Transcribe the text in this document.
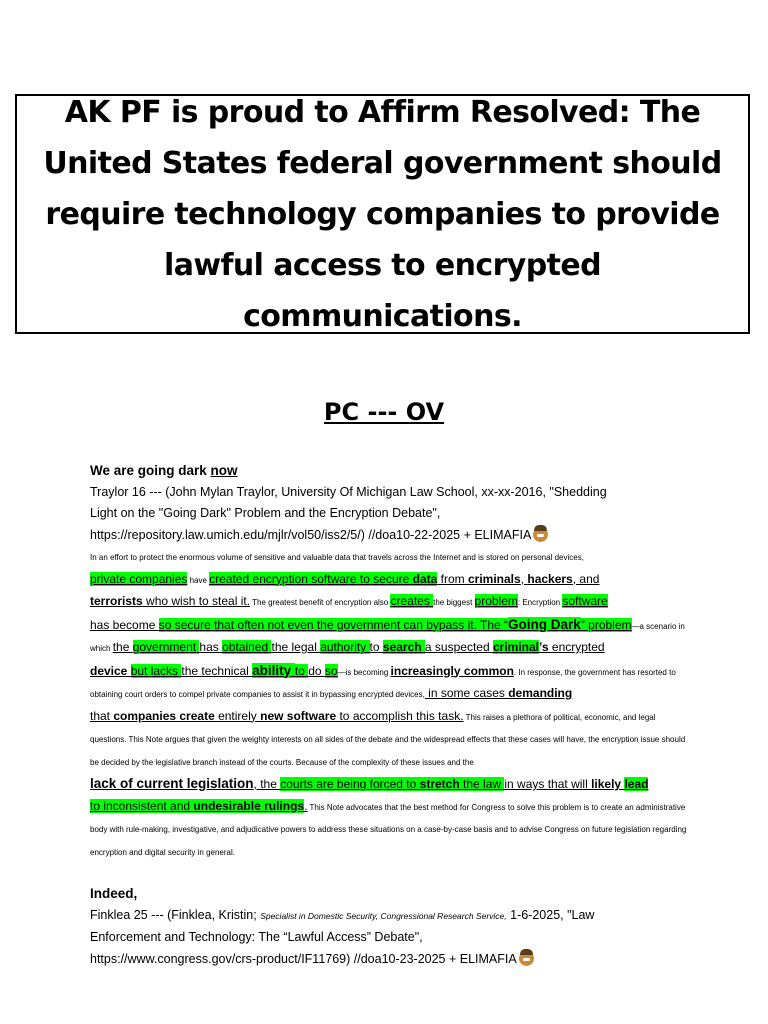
AK PF is proud to Affirm Resolved: The
United States federal government should
require technology companies to provide
lawful access to encrypted communications.

PC --- OV

We are going dark now

Traylor 16 --- (John Mylan Traylor, University Of Michigan Law School, xx-xx-2016, "Shedding

Light on the "Going Dark" Problem and the Encryption Debate",

https://repository.law.umich.edu/mjlr/vol50/iss2/5/) //doa10-22-2025 + ELIMAFIA

In an effort to protect the enormous volume of sensitive and valuable data that travels across the Internet and is stored on personal devices,
private companies have created encryption software to secure data from criminals, hackers, and
terrorists who wish to steal it. The greatest benefit of encryption also creates the biggest problem: Encryption software
has become so secure that often not even the government can bypass it. The “Going Dark” problem—a scenario in which the government has obtained the legal authority to search a suspected criminal’s encrypted
device but lacks the technical ability to do so—is becoming increasingly common. In response, the government has resorted to obtaining court orders to compel private companies to assist it in bypassing encrypted devices, in some cases demanding
that companies create entirely new software to accomplish this task. This raises a plethora of political, economic, and legal questions. This Note argues that given the weighty interests on all sides of the debate and the widespread effects that these cases will have, the encryption issue should be decided by the legislative branch instead of the courts. Because of the complexity of these issues and the
lack of current legislation, the courts are being forced to stretch the law in ways that will likely lead
to inconsistent and undesirable rulings. This Note advocates that the best method for Congress to solve this problem is to create an administrative body with rule-making, investigative, and adjudicative powers to address these situations on a case-by-case basis and to advise Congress on future legislation regarding encryption and digital security in general.

Indeed,

Finklea 25 --- (Finklea, Kristin; Specialist in Domestic Security, Congressional Research Service, 1-6-2025, "Law

Enforcement and Technology: The “Lawful Access” Debate",

https://www.congress.gov/crs-product/IF11769) //doa10-23-2025 + ELIMAFIA
